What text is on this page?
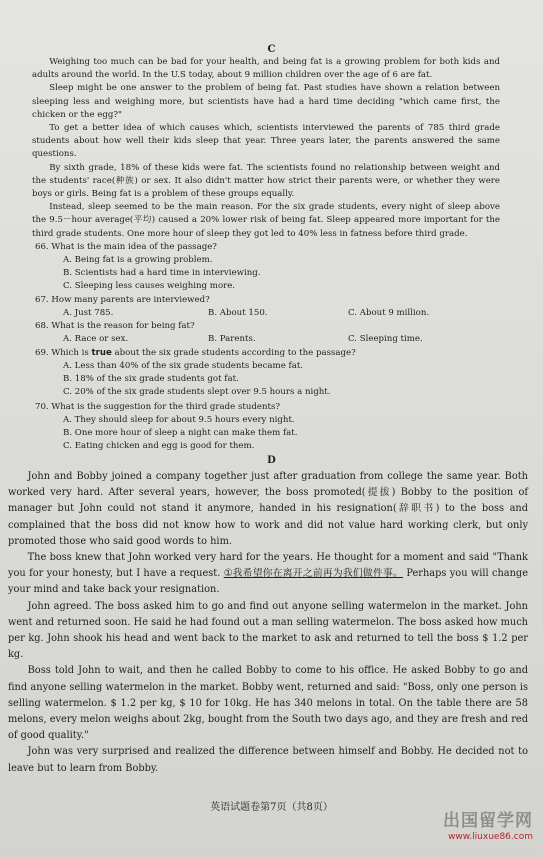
C

Weighing too much can be bad for your health, and being fat is a growing problem for both kids and adults around the world. In the U.S today, about 9 million children over the age of 6 are fat.

Sleep might be one answer to the problem of being fat. Past studies have shown a relation between sleeping less and weighing more, but scientists have had a hard time deciding "which came first, the chicken or the egg?"

To get a better idea of which causes which, scientists interviewed the parents of 785 third grade students about how well their kids sleep that year. Three years later, the parents answered the same questions.

By sixth grade, 18% of these kids were fat. The scientists found no relationship between weight and the students' race(种族) or sex. It also didn't matter how strict their parents were, or whether they were boys or girls. Being fat is a problem of these groups equally.

Instead, sleep seemed to be the main reason. For the six grade students, every night of sleep above the 9.5－hour average(平均) caused a 20% lower risk of being fat. Sleep appeared more important for the third grade students. One more hour of sleep they got led to 40% less in fatness before third grade.

66. What is the main idea of the passage?

A. Being fat is a growing problem.

B. Scientists had a hard time in interviewing.

C. Sleeping less causes weighing more.

67. How many parents are interviewed?

A. Just 785.	B. About 150.	C. About 9 million.

68. What is the reason for being fat?

A. Race or sex.	B. Parents.	C. Sleeping time.

69. Which is true about the six grade students according to the passage?

A. Less than 40% of the six grade students became fat.

B. 18% of the six grade students got fat.

C. 20% of the six grade students slept over 9.5 hours a night.

70. What is the suggestion for the third grade students?

A. They should sleep for about 9.5 hours every night.

B. One more hour of sleep a night can make them fat.

C. Eating chicken and egg is good for them.

D

John and Bobby joined a company together just after graduation from college the same year. Both worked very hard. After several years, however, the boss promoted(提拔) Bobby to the position of manager but John could not stand it anymore, handed in his resignation(辞职书) to the boss and complained that the boss did not know how to work and did not value hard working clerk, but only promoted those who said good words to him.

The boss knew that John worked very hard for the years. He thought for a moment and said "Thank you for your honesty, but I have a request. ①我希望你在离开之前再为我们做件事。 Perhaps you will change your mind and take back your resignation.

John agreed. The boss asked him to go and find out anyone selling watermelon in the market. John went and returned soon. He said he had found out a man selling watermelon. The boss asked how much per kg. John shook his head and went back to the market to ask and returned to tell the boss $ 1.2 per kg.

Boss told John to wait, and then he called Bobby to come to his office. He asked Bobby to go and find anyone selling watermelon in the market. Bobby went, returned and said: "Boss, only one person is selling watermelon. $ 1.2 per kg, $ 10 for 10kg. He has 340 melons in total. On the table there are 58 melons, every melon weighs about 2kg, bought from the South two days ago, and they are fresh and red of good quality."

John was very surprised and realized the difference between himself and Bobby. He decided not to leave but to learn from Bobby.

英语试题卷第7页（共8页）
出国留学网
www.liuxue86.com
